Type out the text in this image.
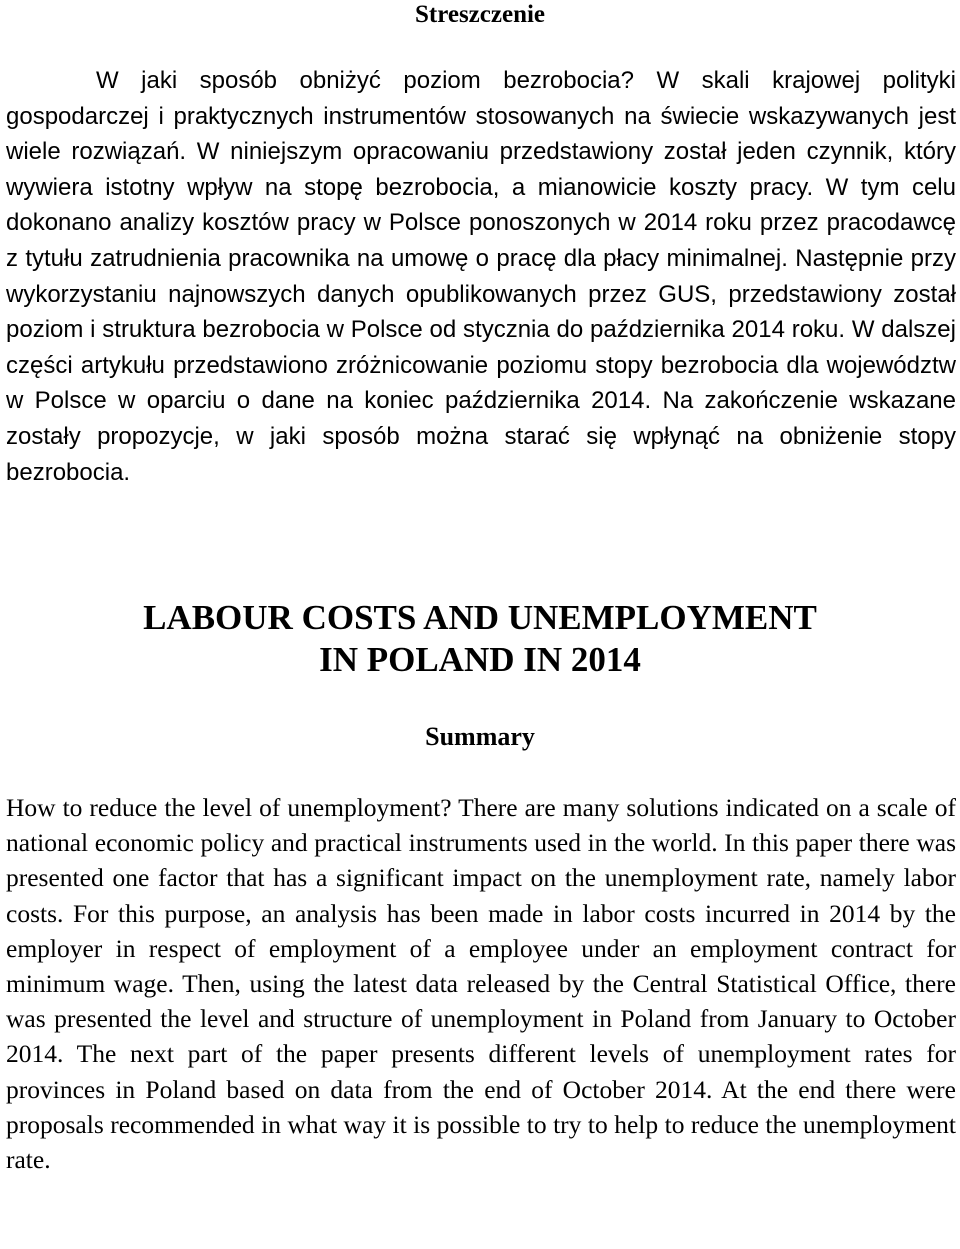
Streszczenie

W jaki sposób obniżyć poziom bezrobocia? W skali krajowej polityki gospodarczej i praktycznych instrumentów stosowanych na świecie wskazywanych jest wiele rozwiązań. W niniejszym opracowaniu przedstawiony został jeden czynnik, który wywiera istotny wpływ na stopę bezrobocia, a mianowicie koszty pracy. W tym celu dokonano analizy kosztów pracy w Polsce ponoszonych w 2014 roku przez pracodawcę z tytułu zatrudnienia pracownika na umowę o pracę dla płacy minimalnej. Następnie przy wykorzystaniu najnowszych danych opublikowanych przez GUS, przedstawiony został poziom i struktura bezrobocia w Polsce od stycznia do października 2014 roku. W dalszej części artykułu przedstawiono zróżnicowanie poziomu stopy bezrobocia dla województw w Polsce w oparciu o dane na koniec października 2014. Na zakończenie wskazane zostały propozycje, w jaki sposób można starać się wpłynąć na obniżenie stopy bezrobocia.

LABOUR COSTS AND UNEMPLOYMENT
IN POLAND IN 2014
Summary

How to reduce the level of unemployment? There are many solutions indicated on a scale of national economic policy and practical instruments used in the world. In this paper there was presented one factor that has a significant impact on the unemployment rate, namely labor costs. For this purpose, an analysis has been made in labor costs incurred in 2014 by the employer in respect of employment of a employee under an employment contract for minimum wage. Then, using the latest data released by the Central Statistical Office, there was presented the level and structure of unemployment in Poland from January to October 2014. The next part of the paper presents different levels of unemployment rates for provinces in Poland based on data from the end of October 2014. At the end there were proposals recommended in what way it is possible to try to help to reduce the unemployment rate.
